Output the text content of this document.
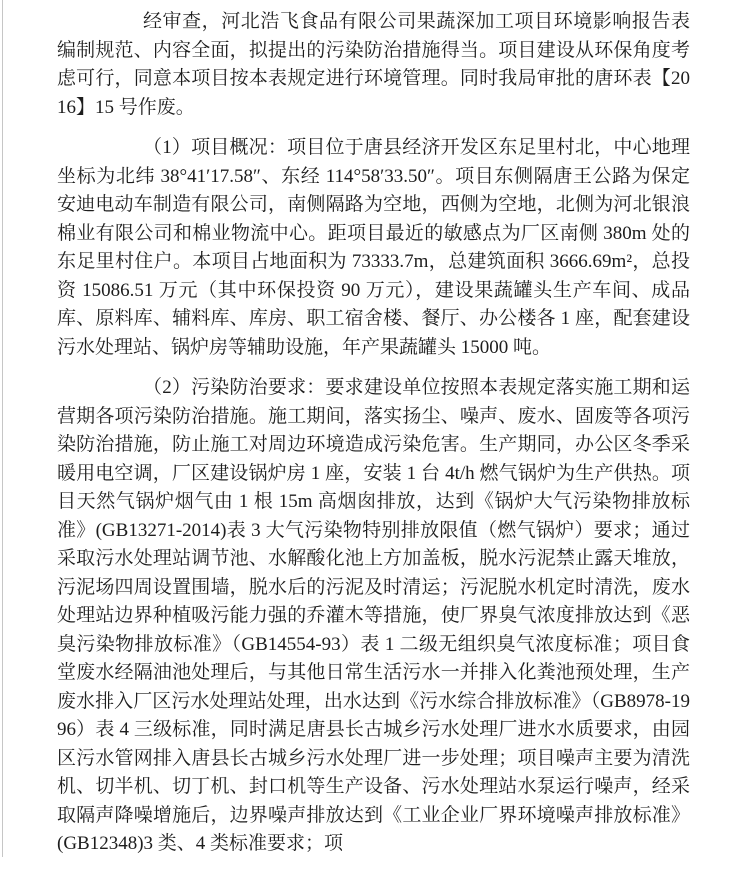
经审查，河北浩飞食品有限公司果蔬深加工项目环境影响报告表编制规范、内容全面，拟提出的污染防治措施得当。项目建设从环保角度考虑可行，同意本项目按本表规定进行环境管理。同时我局审批的唐环表【2016】15 号作废。

（1）项目概况：项目位于唐县经济开发区东足里村北，中心地理坐标为北纬 38°41′17.58″、东经 114°58′33.50″。项目东侧隔唐王公路为保定安迪电动车制造有限公司，南侧隔路为空地，西侧为空地，北侧为河北银浪棉业有限公司和棉业物流中心。距项目最近的敏感点为厂区南侧 380m 处的东足里村住户。本项目占地面积为 73333.7m，总建筑面积 3666.69m²，总投资 15086.51 万元（其中环保投资 90 万元），建设果蔬罐头生产车间、成品库、原料库、辅料库、库房、职工宿舍楼、餐厅、办公楼各 1 座，配套建设污水处理站、锅炉房等辅助设施，年产果蔬罐头 15000 吨。

（2）污染防治要求：要求建设单位按照本表规定落实施工期和运营期各项污染防治措施。施工期间，落实扬尘、噪声、废水、固废等各项污染防治措施，防止施工对周边环境造成污染危害。生产期同，办公区冬季采暖用电空调，厂区建设锅炉房 1 座，安装 1 台 4t/h 燃气锅炉为生产供热。项目天然气锅炉烟气由 1 根 15m 高烟囱排放，达到《锅炉大气污染物排放标准》(GB13271-2014)表 3 大气污染物特别排放限值（燃气锅炉）要求；通过采取污水处理站调节池、水解酸化池上方加盖板，脱水污泥禁止露天堆放，污泥场四周设置围墙，脱水后的污泥及时清运；污泥脱水机定时清洗，废水处理站边界种植吸污能力强的乔灌木等措施，使厂界臭气浓度排放达到《恶臭污染物排放标准》（GB14554-93）表 1 二级无组织臭气浓度标准；项目食堂废水经隔油池处理后，与其他日常生活污水一并排入化粪池预处理，生产废水排入厂区污水处理站处理，出水达到《污水综合排放标准》（GB8978-1996）表 4 三级标准，同时满足唐县长古城乡污水处理厂进水水质要求，由园区污水管网排入唐县长古城乡污水处理厂进一步处理；项目噪声主要为清洗机、切半机、切丁机、封口机等生产设备、污水处理站水泵运行噪声，经采取隔声降噪增施后，边界噪声排放达到《工业企业厂界环境噪声排放标准》(GB12348)3 类、4 类标准要求；项
